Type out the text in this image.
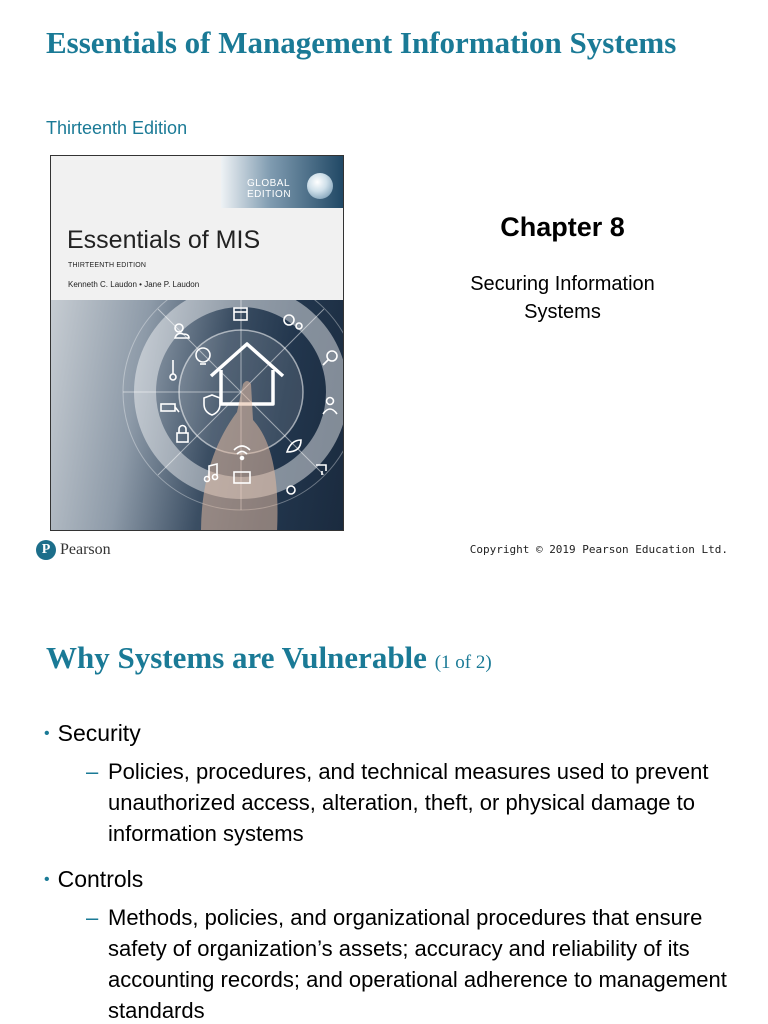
Essentials of Management Information Systems
Thirteenth Edition
GLOBAL
EDITION
Essentials of MIS
THIRTEENTH EDITION
Kenneth C. Laudon • Jane P. Laudon
Chapter 8
Securing Information Systems
P Pearson	Copyright © 2019 Pearson Education Ltd.
Why Systems are Vulnerable (1 of 2)
• Security
– Policies, procedures, and technical measures used to prevent unauthorized access, alteration, theft, or physical damage to information systems
• Controls
– Methods, policies, and organizational procedures that ensure safety of organization’s assets; accuracy and reliability of its accounting records; and operational adherence to management standards
